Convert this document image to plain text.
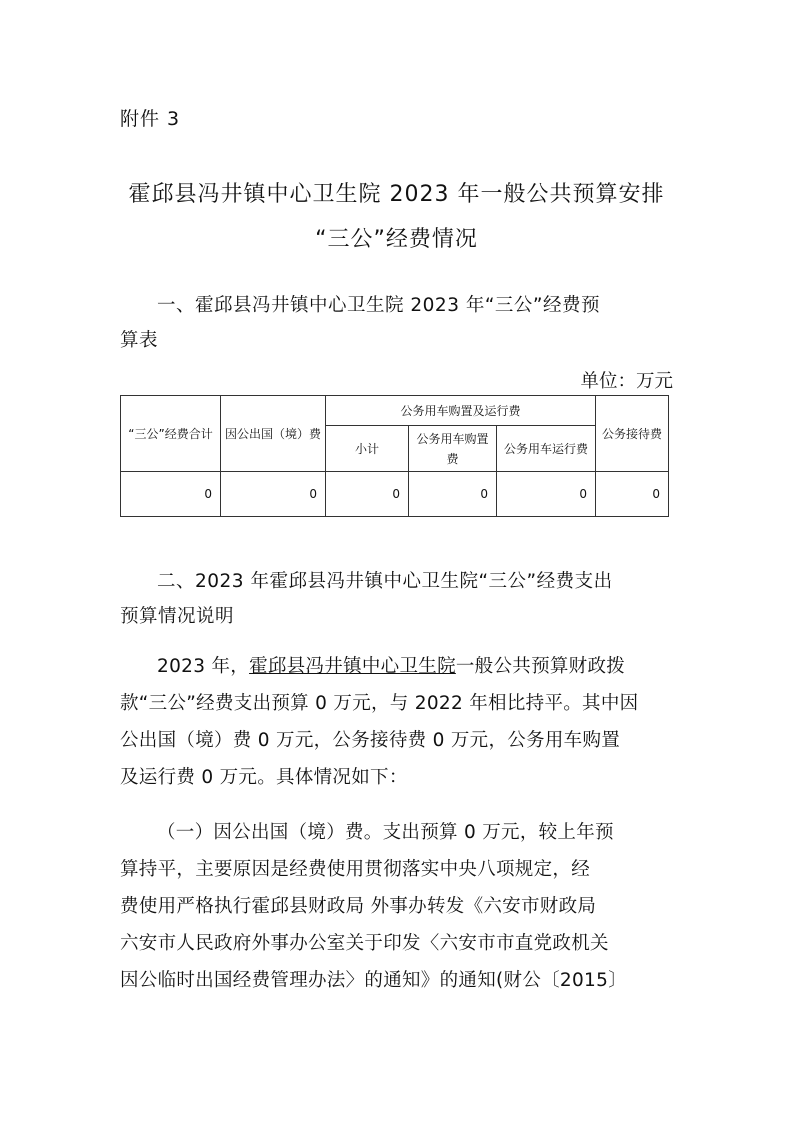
附件 3
霍邱县冯井镇中心卫生院 2023 年一般公共预算安排
“三公”经费情况
一、霍邱县冯井镇中心卫生院 2023 年“三公”经费预
算表
单位：万元
“三公”经费合计	因公出国（境）费	公务用车购置及运行费			公务接待费
		小计	公务用车购置费	公务用车运行费	
0	0	0	0	0	0
二、2023 年霍邱县冯井镇中心卫生院“三公”经费支出
预算情况说明
2023 年，霍邱县冯井镇中心卫生院一般公共预算财政拨
款“三公”经费支出预算 0 万元，与 2022 年相比持平。其中因
公出国（境）费 0 万元，公务接待费 0 万元，公务用车购置
及运行费 0 万元。具体情况如下：
（一）因公出国（境）费。支出预算 0 万元，较上年预
算持平，主要原因是经费使用贯彻落实中央八项规定，经
费使用严格执行霍邱县财政局 外事办转发《六安市财政局
六安市人民政府外事办公室关于印发〈六安市市直党政机关
因公临时出国经费管理办法〉的通知》的通知(财公〔2015〕
